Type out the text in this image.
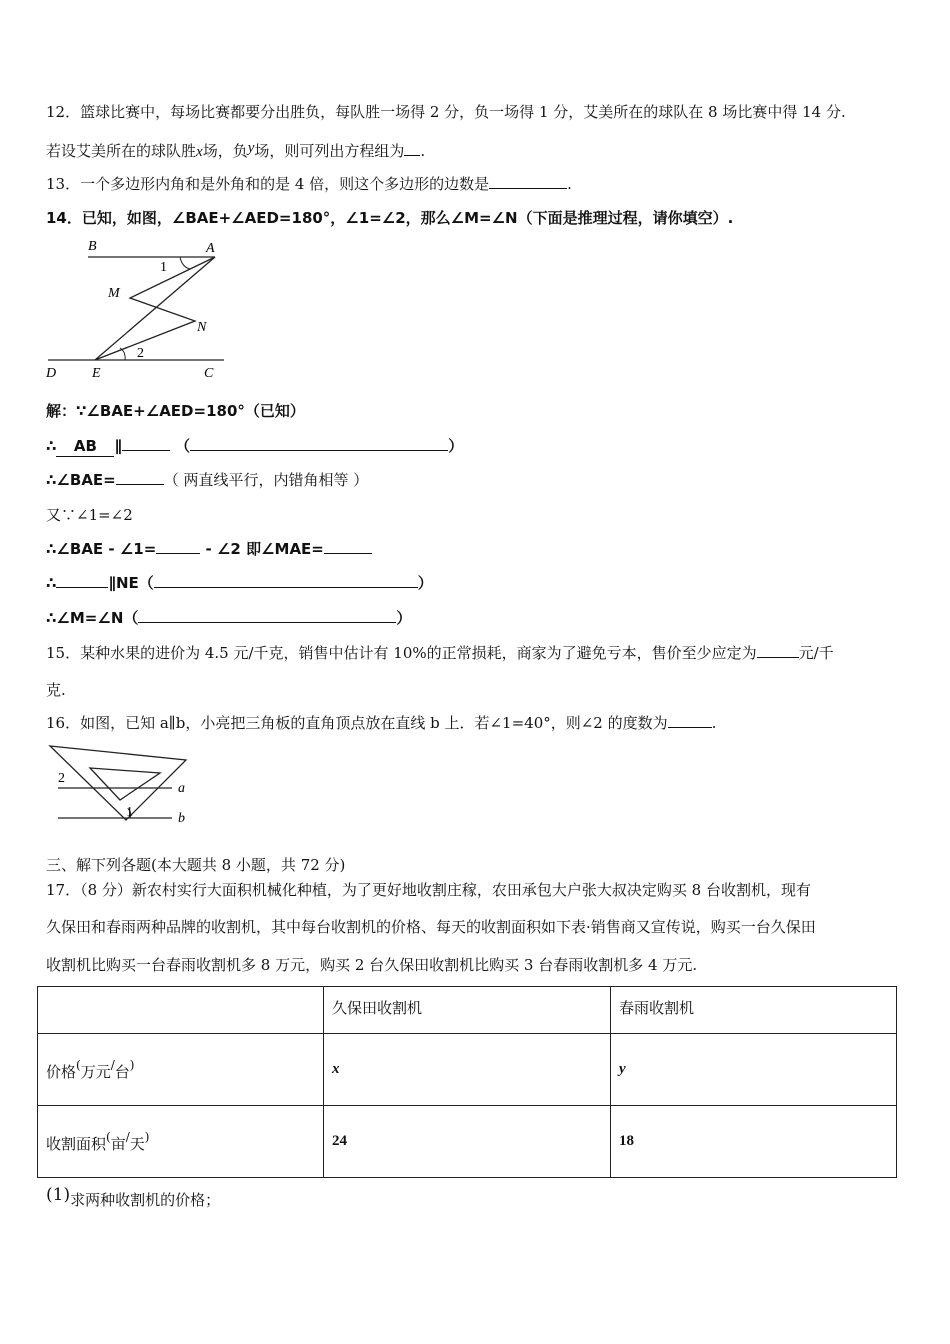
12．篮球比赛中，每场比赛都要分出胜负，每队胜一场得 2 分，负一场得 1 分，艾美所在的球队在 8 场比赛中得 14 分.
若设艾美所在的球队胜x场，负y场，则可列出方程组为 .
13．一个多边形内角和是外角和的是 4 倍，则这个多边形的边数是	.
14．已知，如图，∠BAE+∠AED=180°，∠1=∠2，那么∠M=∠N（下面是推理过程，请你填空）.
B	A
1
M
N
2
D	E	C
解：∵∠BAE+∠AED=180°（已知）
∴ AB ∥	（	）
∴∠BAE=	（ 两直线平行，内错角相等 ）
又∵∠1=∠2
∴∠BAE - ∠1=	- ∠2 即∠MAE=
∴	∥NE（	）
∴∠M=∠N（	）
15．某种水果的进价为 4.5 元/千克，销售中估计有 10%的正常损耗，商家为了避免亏本，售价至少应定为	元/千
克.
16．如图，已知 a∥b，小亮把三角板的直角顶点放在直线 b 上．若∠1=40°，则∠2 的度数为	.
2
1
a
b
三、解下列各题(本大题共 8 小题，共 72 分)
17．（8 分）新农村实行大面积机械化种植，为了更好地收割庄稼，农田承包大户张大叔决定购买 8 台收割机，现有
久保田和春雨两种品牌的收割机，其中每台收割机的价格、每天的收割面积如下表·销售商又宣传说，购买一台久保田
收割机比购买一台春雨收割机多 8 万元，购买 2 台久保田收割机比购买 3 台春雨收割机多 4 万元.
	久保田收割机	春雨收割机
价格(万元/台)	x	y
收割面积(亩/天)	24	18
(1)求两种收割机的价格；
